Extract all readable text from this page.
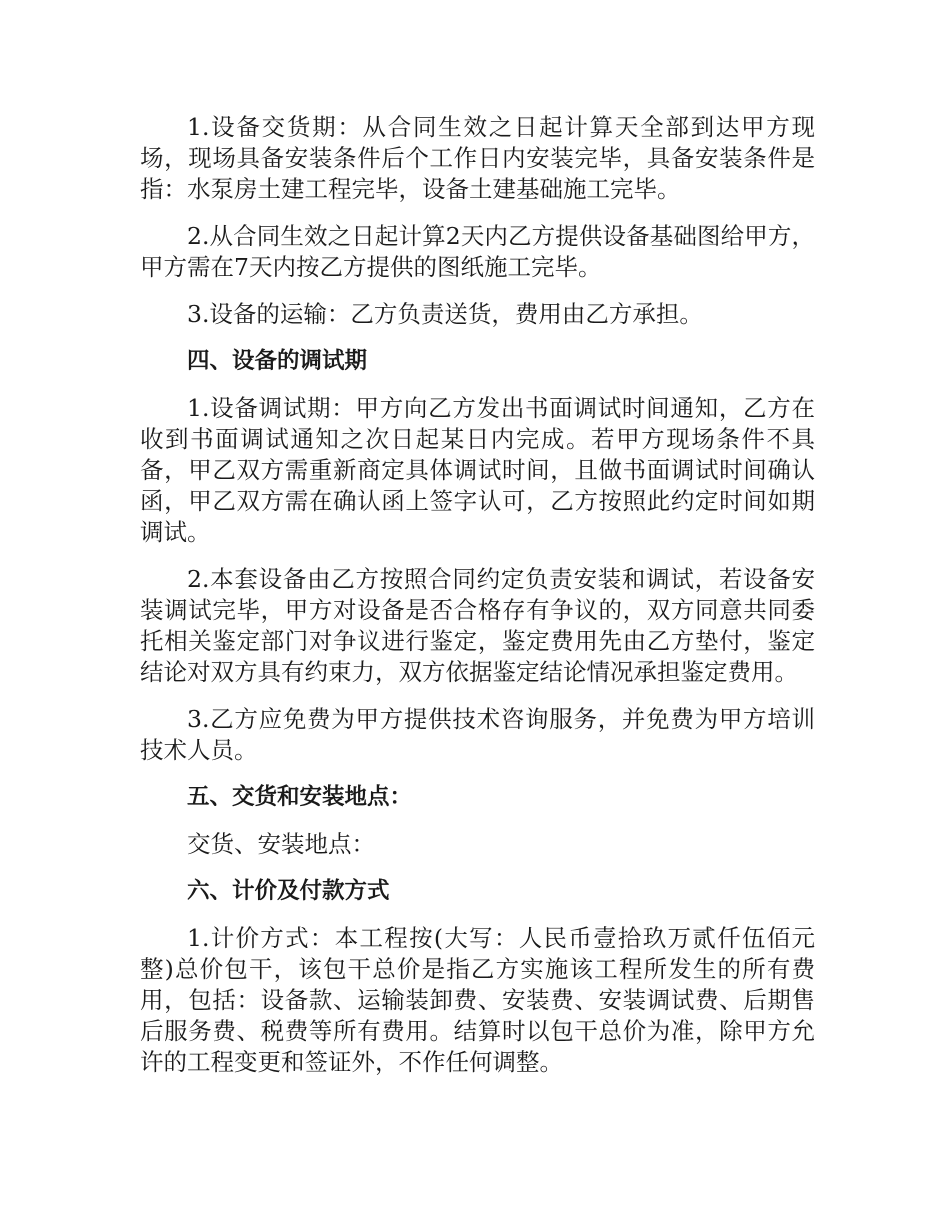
1.设备交货期：从合同生效之日起计算天全部到达甲方现场，现场具备安装条件后个工作日内安装完毕，具备安装条件是指：水泵房土建工程完毕，设备土建基础施工完毕。

2.从合同生效之日起计算2天内乙方提供设备基础图给甲方，甲方需在7天内按乙方提供的图纸施工完毕。

3.设备的运输：乙方负责送货，费用由乙方承担。

四、设备的调试期

1.设备调试期：甲方向乙方发出书面调试时间通知，乙方在收到书面调试通知之次日起某日内完成。若甲方现场条件不具备，甲乙双方需重新商定具体调试时间，且做书面调试时间确认函，甲乙双方需在确认函上签字认可，乙方按照此约定时间如期调试。

2.本套设备由乙方按照合同约定负责安装和调试，若设备安装调试完毕，甲方对设备是否合格存有争议的，双方同意共同委托相关鉴定部门对争议进行鉴定，鉴定费用先由乙方垫付，鉴定结论对双方具有约束力，双方依据鉴定结论情况承担鉴定费用。

3.乙方应免费为甲方提供技术咨询服务，并免费为甲方培训技术人员。

五、交货和安装地点：

交货、安装地点：

六、计价及付款方式

1.计价方式：本工程按(大写：人民币壹拾玖万贰仟伍佰元整)总价包干，该包干总价是指乙方实施该工程所发生的所有费用，包括：设备款、运输装卸费、安装费、安装调试费、后期售后服务费、税费等所有费用。结算时以包干总价为准，除甲方允许的工程变更和签证外，不作任何调整。
